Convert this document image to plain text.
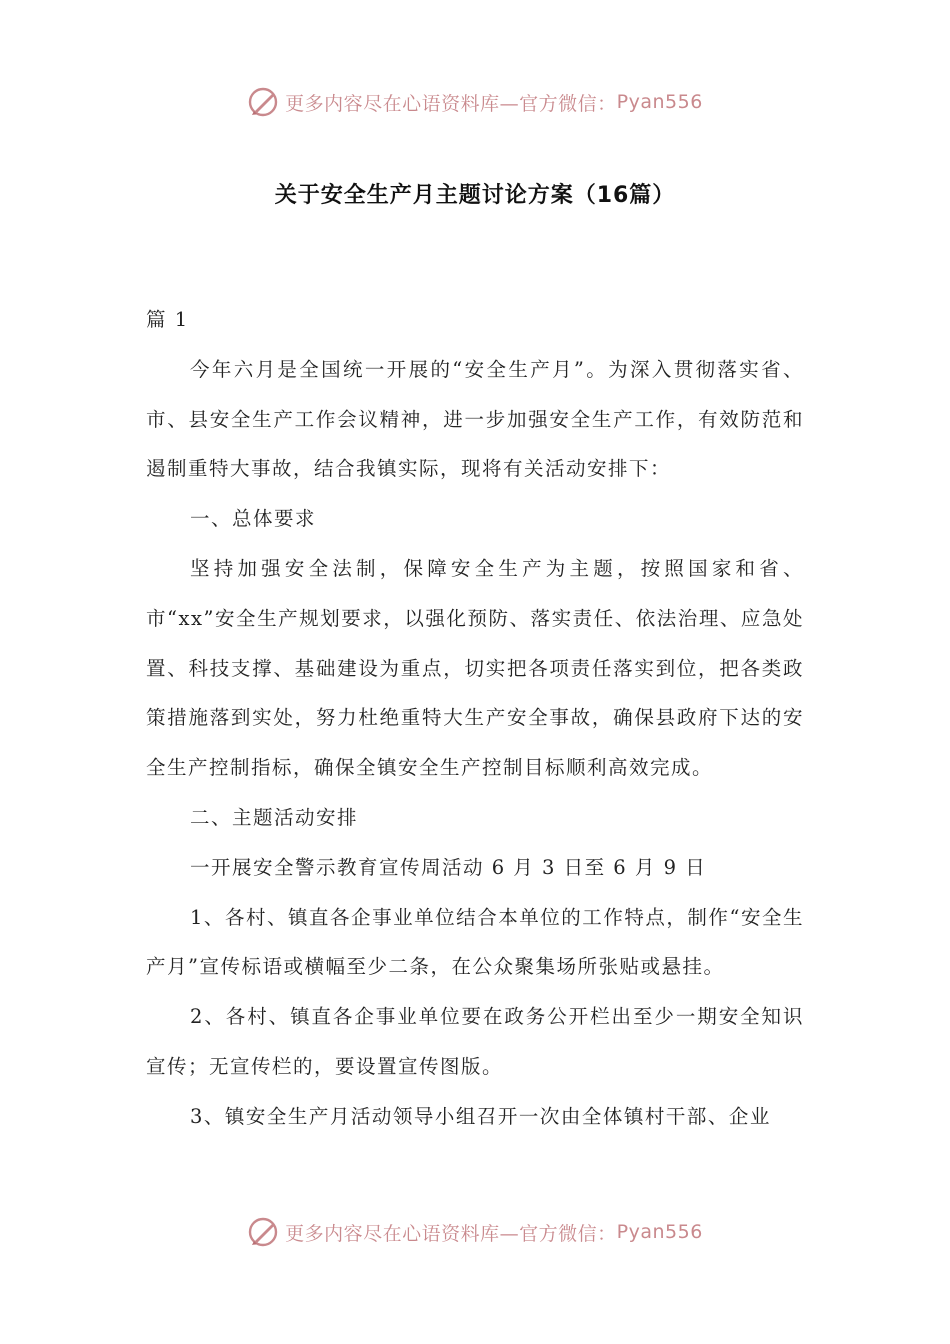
更多内容尽在心语资料库—官方微信： Pyan556
关于安全生产月主题讨论方案（16篇）

篇 1

今年六月是全国统一开展的“安全生产月”。为深入贯彻落实省、市、县安全生产工作会议精神，进一步加强安全生产工作，有效防范和遏制重特大事故，结合我镇实际，现将有关活动安排下：

一、总体要求

坚持加强安全法制，保障安全生产为主题，按照国家和省、市“xx”安全生产规划要求，以强化预防、落实责任、依法治理、应急处置、科技支撑、基础建设为重点，切实把各项责任落实到位，把各类政策措施落到实处，努力杜绝重特大生产安全事故，确保县政府下达的安全生产控制指标，确保全镇安全生产控制目标顺利高效完成。

二、主题活动安排

一开展安全警示教育宣传周活动 6 月 3 日至 6 月 9 日

1、各村、镇直各企事业单位结合本单位的工作特点，制作“安全生产月”宣传标语或横幅至少二条，在公众聚集场所张贴或悬挂。

2、各村、镇直各企事业单位要在政务公开栏出至少一期安全知识宣传；无宣传栏的，要设置宣传图版。

3、镇安全生产月活动领导小组召开一次由全体镇村干部、企业

更多内容尽在心语资料库—官方微信： Pyan556
